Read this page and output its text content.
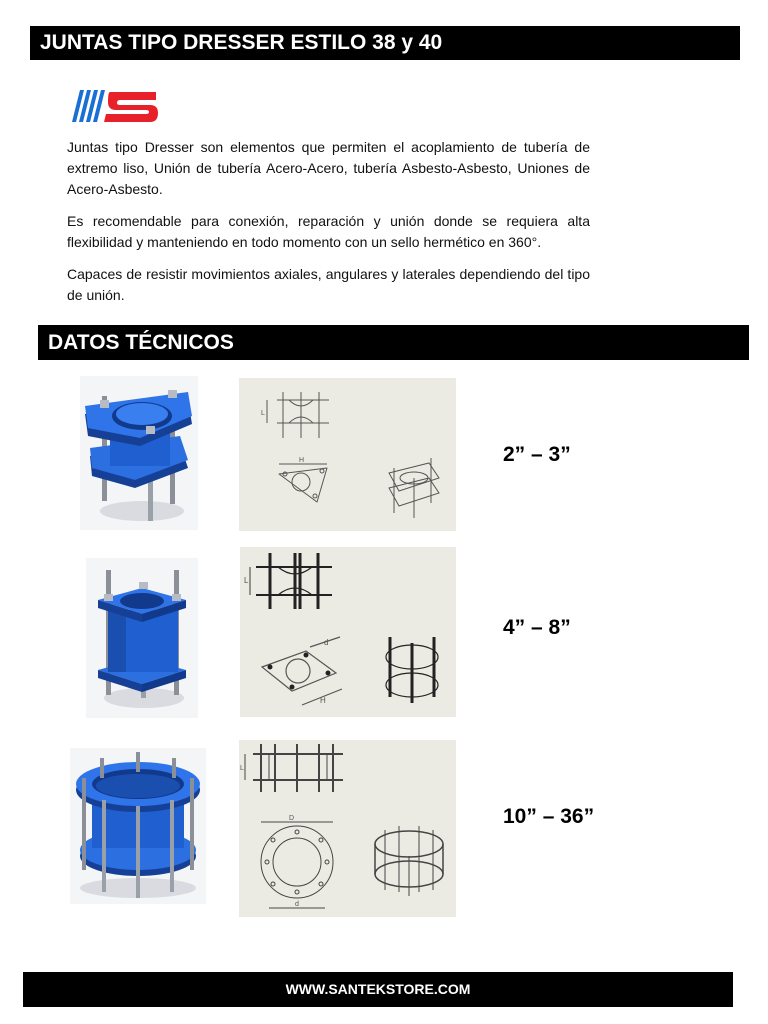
JUNTAS TIPO DRESSER ESTILO 38 y 40

Juntas tipo Dresser son elementos que permiten el acoplamiento de tubería de extremo liso, Unión de tubería Acero-Acero, tubería Asbesto-Asbesto, Uniones de Acero-Asbesto.

Es recomendable para conexión, reparación y unión donde se requiera alta flexibilidad y manteniendo en todo momento con un sello hermético en 360°.

Capaces de resistir movimientos axiales, angulares y laterales dependiendo del tipo de unión.

DATOS TÉCNICOS
L
H	2” – 3”
L
d
H
4” – 8”
L
D
d
10” – 36”
WWW.SANTEKSTORE.COM
